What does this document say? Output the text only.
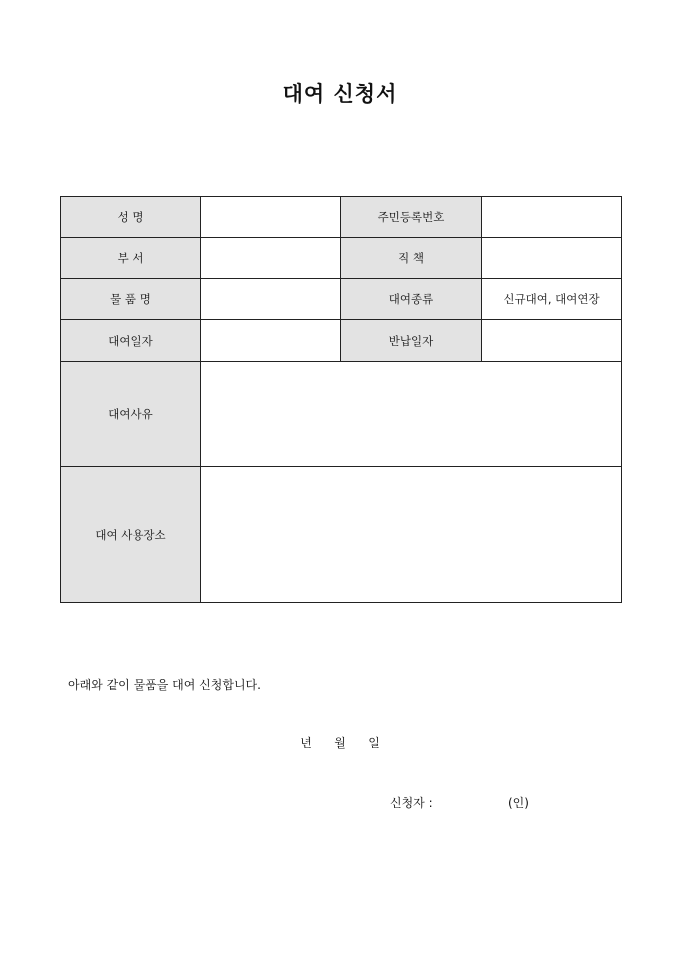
대여 신청서
성 명		주민등록번호	
부 서		직 책	
물 품 명		대여종류	신규대여, 대여연장
대여일자		반납일자	
대여사유			
대여 사용장소			
아래와 같이 물품을 대여 신청합니다.
년 월 일
신청자 :	(인)
